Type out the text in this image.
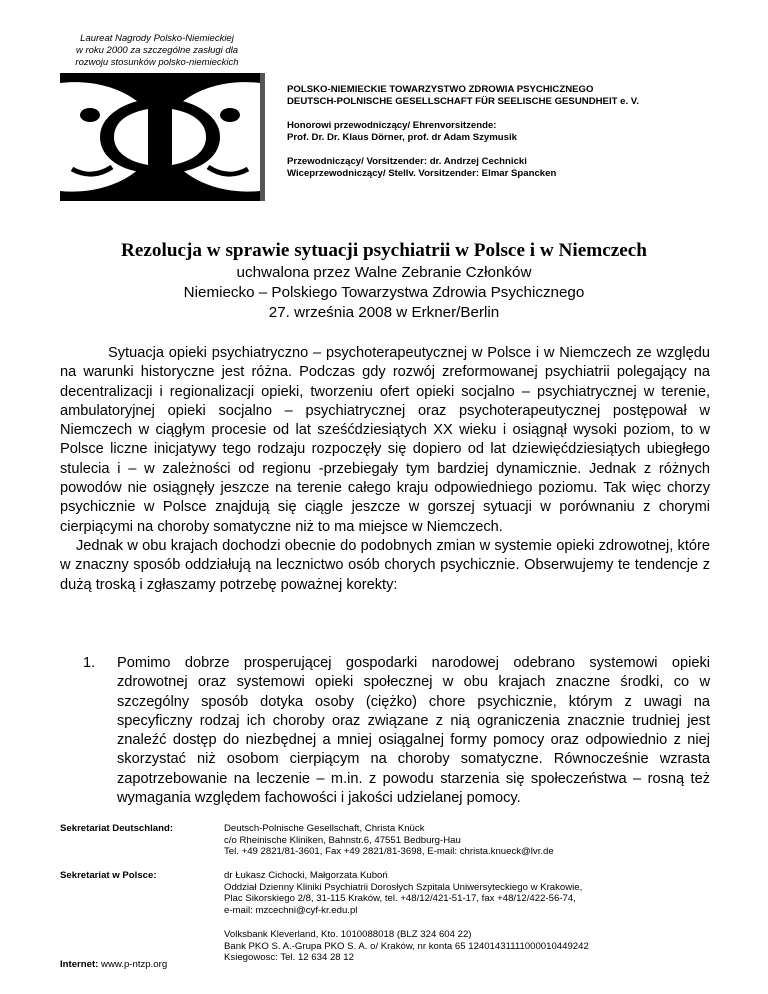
Laureat Nagrody Polsko-Niemieckiej
w roku 2000 za szczególne zasługi dla
rozwoju stosunków polsko-niemieckich

POLSKO-NIEMIECKIE TOWARZYSTWO ZDROWIA PSYCHICZNEGO
DEUTSCH-POLNISCHE GESELLSCHAFT FÜR SEELISCHE GESUNDHEIT e. V.

Honorowi przewodniczący/ Ehrenvorsitzende:
Prof. Dr. Dr. Klaus Dörner, prof. dr Adam Szymusik

Przewodniczący/ Vorsitzender: dr. Andrzej Cechnicki
Wiceprzewodniczący/ Stellv. Vorsitzender: Elmar Spancken

Rezolucja w sprawie sytuacji psychiatrii w Polsce i w Niemczech
uchwalona przez Walne Zebranie Członków
Niemiecko – Polskiego Towarzystwa Zdrowia Psychicznego
27. września 2008 w Erkner/Berlin

Sytuacja opieki psychiatryczno – psychoterapeutycznej w Polsce i w Niemczech ze względu na warunki historyczne jest różna. Podczas gdy rozwój zreformowanej psychiatrii polegający na decentralizacji i regionalizacji opieki, tworzeniu ofert opieki socjalno – psychiatrycznej w terenie, ambulatoryjnej opieki socjalno – psychiatrycznej oraz psychoterapeutycznej postępował w Niemczech w ciągłym procesie od lat sześćdziesiątych XX wieku i osiągnął wysoki poziom, to w Polsce liczne inicjatywy tego rodzaju rozpoczęły się dopiero od lat dziewięćdziesiątych ubiegłego stulecia i – w zależności od regionu -przebiegały tym bardziej dynamicznie. Jednak z różnych powodów nie osiągnęły jeszcze na terenie całego kraju odpowiedniego poziomu. Tak więc chorzy psychicznie w Polsce znajdują się ciągle jeszcze w gorszej sytuacji w porównaniu z chorymi cierpiącymi na choroby somatyczne niż to ma miejsce w Niemczech.

Jednak w obu krajach dochodzi obecnie do podobnych zmian w systemie opieki zdrowotnej, które w znaczny sposób oddziałują na lecznictwo osób chorych psychicznie. Obserwujemy te tendencje z dużą troską i zgłaszamy potrzebę poważnej korekty:

1. Pomimo dobrze prosperującej gospodarki narodowej odebrano systemowi opieki zdrowotnej oraz systemowi opieki społecznej w obu krajach znaczne środki, co w szczególny sposób dotyka osoby (ciężko) chore psychicznie, którym z uwagi na specyficzny rodzaj ich choroby oraz związane z nią ograniczenia znacznie trudniej jest znaleźć dostęp do niezbędnej a mniej osiągalnej formy pomocy oraz odpowiednio z niej skorzystać niż osobom cierpiącym na choroby somatyczne. Równocześnie wzrasta zapotrzebowanie na leczenie – m.in. z powodu starzenia się społeczeństwa – rosną też wymagania względem fachowości i jakości udzielanej pomocy.
Sekretariat Deutschland:	Deutsch-Polnische Gesellschaft, Christa Knück
c/o Rheinische Kliniken, Bahnstr.6, 47551 Bedburg-Hau
Tel. +49 2821/81-3601, Fax +49 2821/81-3698, E-mail: christa.knueck@lvr.de
Sekretariat w Polsce:	dr Łukasz Cichocki, Małgorzata Kuboń
Oddział Dzienny Kliniki Psychiatrii Dorosłych Szpitala Uniwersyteckiego w Krakowie,
Plac Sikorskiego 2/8, 31-115 Kraków, tel. +48/12/421-51-17, fax +48/12/422-56-74,
e-mail: mzcechni@cyf-kr.edu.pl
Volksbank Kleverland, Kto. 1010088018 (BLZ 324 604 22)
Bank PKO S. A.-Grupa PKO S. A. o/ Kraków, nr konta 65 12401431111000010449242
Ksiegowosc: Tel. 12 634 28 12
Internet: www.p-ntzp.org
